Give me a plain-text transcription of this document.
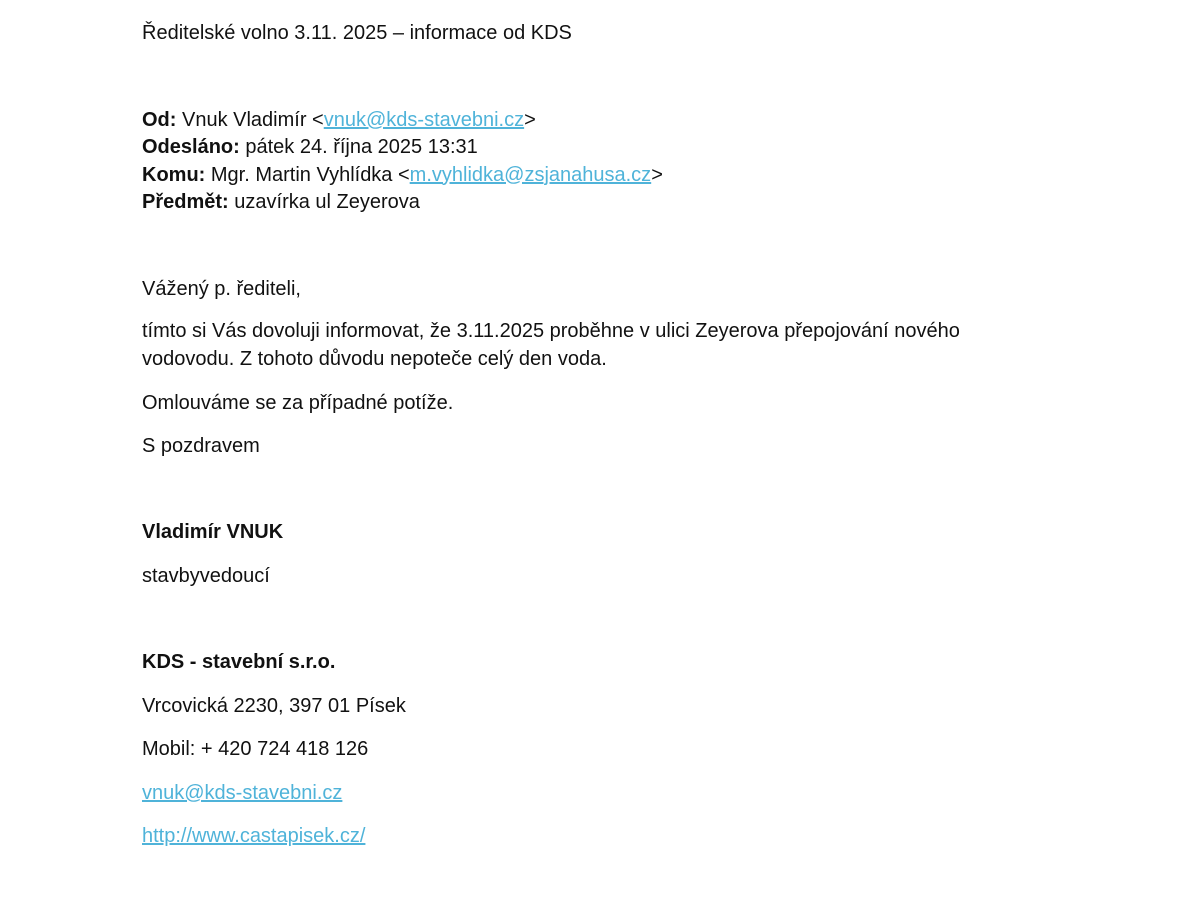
Ředitelské volno 3.11. 2025 – informace od KDS
Od: Vnuk Vladimír <vnuk@kds-stavebni.cz>
Odesláno: pátek 24. října 2025 13:31
Komu: Mgr. Martin Vyhlídka <m.vyhlidka@zsjanahusa.cz>
Předmět: uzavírka ul Zeyerova
Vážený p. řediteli,
tímto si Vás dovoluji informovat, že 3.11.2025 proběhne v ulici Zeyerova přepojování nového vodovodu. Z tohoto důvodu nepoteče celý den voda.
Omlouváme se za případné potíže.
S pozdravem
Vladimír VNUK
stavbyvedoucí
KDS - stavební s.r.o.
Vrcovická 2230, 397 01 Písek
Mobil: + 420 724 418 126
vnuk@kds-stavebni.cz
http://www.castapisek.cz/
